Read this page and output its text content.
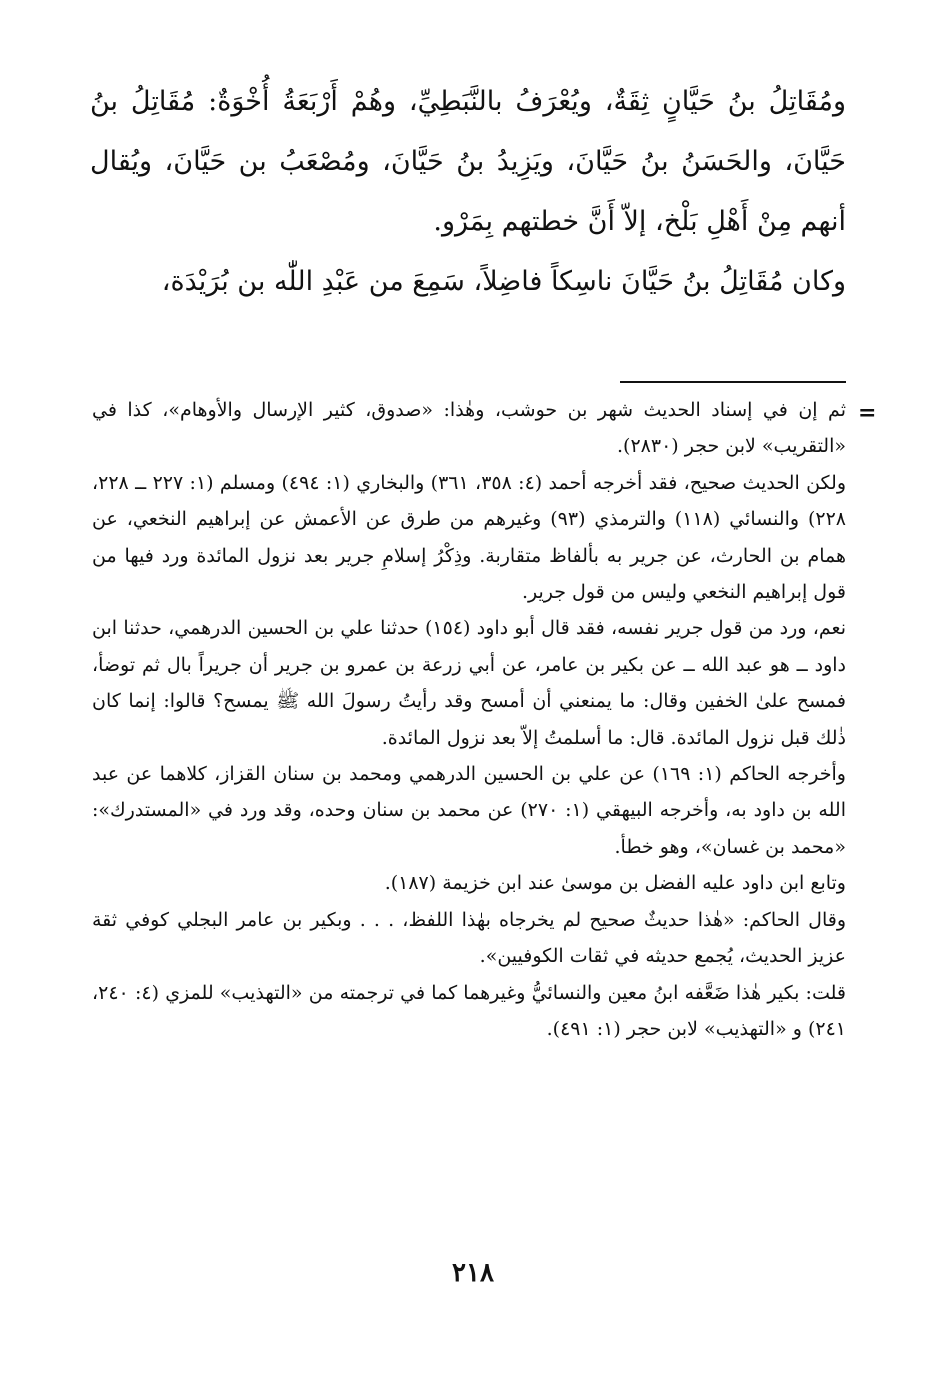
ومُقَاتِلُ بنُ حَيَّانٍ ثِقَةٌ، ويُعْرَفُ بالنَّبَطِيِّ، وهُمْ أَرْبَعَةُ أُخْوَةٌ: مُقَاتِلُ بنُ حَيَّانَ، والحَسَنُ بنُ حَيَّانَ، ويَزِيدُ بنُ حَيَّانَ، ومُصْعَبُ بن حَيَّانَ، ويُقال أنهم مِنْ أَهْلِ بَلْخ، إلاّ أَنَّ خطتهم بِمَرْو.

وكان مُقَاتِلُ بنُ حَيَّانَ ناسِكاً فاضِلاً، سَمِعَ من عَبْدِ اللّٰه بن بُرَيْدَة،

=

ثم إن في إسناد الحديث شهر بن حوشب، وهٰذا: «صدوق، كثير الإرسال والأوهام»، كذا في «التقريب» لابن حجر (٢٨٣٠).

ولكن الحديث صحيح، فقد أخرجه أحمد (٤: ٣٥٨، ٣٦١) والبخاري (١: ٤٩٤) ومسلم (١: ٢٢٧ ــ ٢٢٨، ٢٢٨) والنسائي (١١٨) والترمذي (٩٣) وغيرهم من طرق عن الأعمش عن إبراهيم النخعي، عن همام بن الحارث، عن جرير به بألفاظ متقاربة. وذِكْرُ إسلامِ جرير بعد نزول المائدة ورد فيها من قول إبراهيم النخعي وليس من قول جرير.

نعم، ورد من قول جرير نفسه، فقد قال أبو داود (١٥٤) حدثنا علي بن الحسين الدرهمي، حدثنا ابن داود ــ هو عبد الله ــ عن بكير بن عامر، عن أبي زرعة بن عمرو بن جرير أن جريراً بال ثم توضأ، فمسح علىٰ الخفين وقال: ما يمنعني أن أمسح وقد رأيتُ رسولَ الله ﷺ يمسح؟ قالوا: إنما كان ذٰلك قبل نزول المائدة. قال: ما أسلمتُ إلاّ بعد نزول المائدة.

وأخرجه الحاكم (١: ١٦٩) عن علي بن الحسين الدرهمي ومحمد بن سنان القزاز، كلاهما عن عبد الله بن داود به، وأخرجه البيهقي (١: ٢٧٠) عن محمد بن سنان وحده، وقد ورد في «المستدرك»: «محمد بن غسان»، وهو خطأ.

وتابع ابن داود عليه الفضل بن موسىٰ عند ابن خزيمة (١٨٧).

وقال الحاكم: «هٰذا حديثٌ صحيح لم يخرجاه بهٰذا اللفظ، . . . وبكير بن عامر البجلي كوفي ثقة عزيز الحديث، يُجمع حديثه في ثقات الكوفيين».

قلت: بكير هٰذا ضَعَّفه ابنُ معين والنسائيُّ وغيرهما كما في ترجمته من «التهذيب» للمزي (٤: ٢٤٠، ٢٤١) و «التهذيب» لابن حجر (١: ٤٩١).

٢١٨
